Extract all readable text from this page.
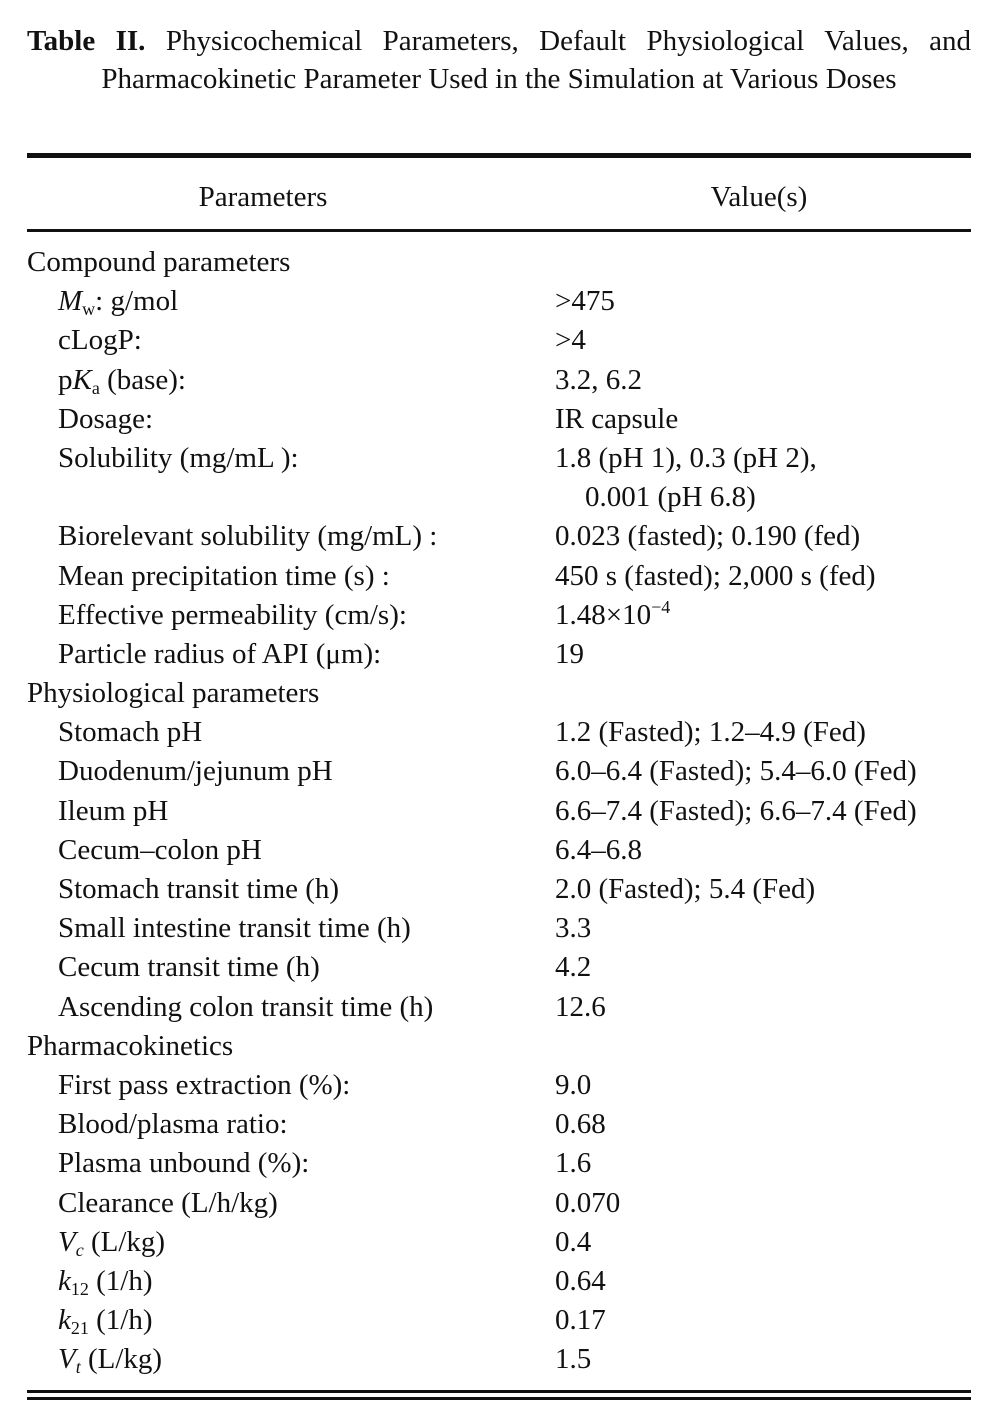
Table II. Physicochemical Parameters, Default Physiological Values, and Pharmacokinetic Parameter Used in the Simulation at Various Doses
Parameters	Value(s)
Compound parameters
$M_w$: g/mol	>475
cLogP:	>4
$pK_a$ (base):	3.2, 6.2
Dosage:	IR capsule
Solubility (mg/mL ):	1.8 (pH 1), 0.3 (pH 2),
0.001 (pH 6.8)
Biorelevant solubility (mg/mL) :	0.023 (fasted); 0.190 (fed)
Mean precipitation time (s) :	450 s (fasted); 2,000 s (fed)
Effective permeability (cm/s):	$1.48\times 10^{-4}$
Particle radius of API (μm):	19
Physiological parameters
Stomach pH	1.2 (Fasted); 1.2–4.9 (Fed)
Duodenum/jejunum pH	6.0–6.4 (Fasted); 5.4–6.0 (Fed)
Ileum pH	6.6–7.4 (Fasted); 6.6–7.4 (Fed)
Cecum–colon pH	6.4–6.8
Stomach transit time (h)	2.0 (Fasted); 5.4 (Fed)
Small intestine transit time (h)	3.3
Cecum transit time (h)	4.2
Ascending colon transit time (h)	12.6
Pharmacokinetics
First pass extraction (%):	9.0
Blood/plasma ratio:	0.68
Plasma unbound (%):	1.6
Clearance (L/h/kg)	0.070
$V_c$ (L/kg)	0.4
$k_{12}$ (1/h)	0.64
$k_{21}$ (1/h)	0.17
$V_t$ (L/kg)	1.5
